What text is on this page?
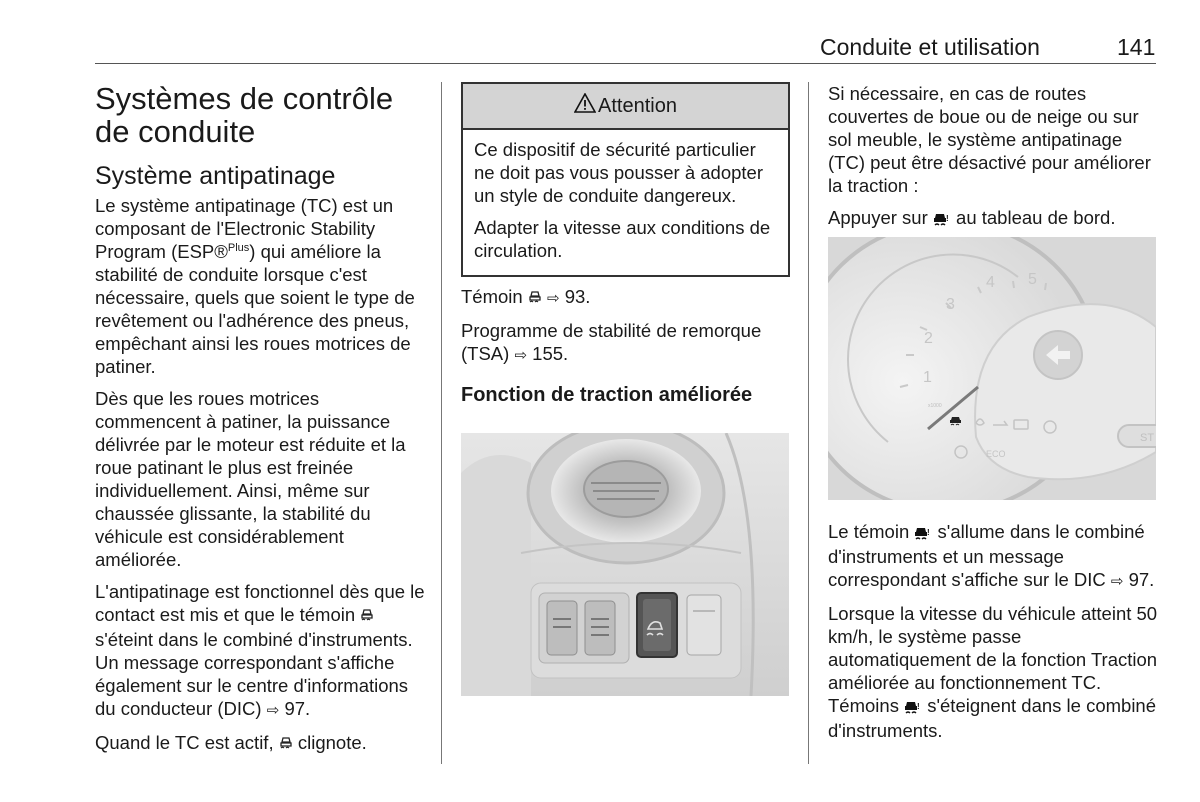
Conduite et utilisation	141
Systèmes de contrôle de conduite
Système antipatinage

Le système antipatinage (TC) est un composant de l'Electronic Stability Program (ESP®$^{Plus}$) qui améliore la stabilité de conduite lorsque c'est nécessaire, quels que soient le type de revêtement ou l'adhérence des pneus, empêchant ainsi les roues motrices de patiner.

Dès que les roues motrices commencent à patiner, la puissance délivrée par le moteur est réduite et la roue patinant le plus est freinée individuellement. Ainsi, même sur chaussée glissante, la stabilité du véhicule est considérablement améliorée.

L'antipatinage est fonctionnel dès que le contact est mis et que le témoin  s'éteint dans le combiné d'instruments. Un message correspondant s'affiche également sur le centre d'informations du conducteur (DIC) ⇨ 97.

Quand le TC est actif, clignote.

Attention

Ce dispositif de sécurité particulier ne doit pas vous pousser à adopter un style de conduite dangereux.

Adapter la vitesse aux conditions de circulation.

Témoin ⇨ 93.

Programme de stabilité de remorque (TSA) ⇨ 155.

Fonction de traction améliorée

Si nécessaire, en cas de routes couvertes de boue ou de neige ou sur sol meuble, le système antipatinage (TC) peut être désactivé pour améliorer la traction :

Appuyer sur ! au tableau de bord.

1
2
3
4 5
x1000
ECO
ST

Le témoin ! s'allume dans le combiné d'instruments et un message correspondant s'affiche sur le DIC ⇨ 97.

Lorsque la vitesse du véhicule atteint 50 km/h, le système passe automatiquement de la fonction Traction améliorée au fonctionnement TC. Témoins ! s'éteignent dans le combiné d'instruments.
